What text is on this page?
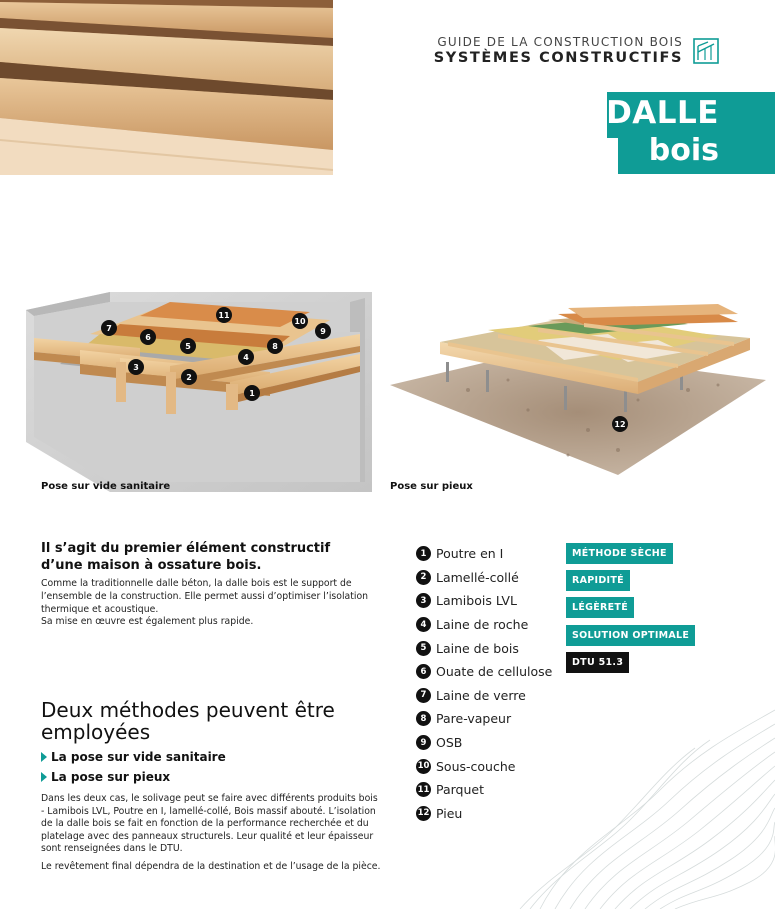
GUIDE DE LA CONSTRUCTION BOIS
SYSTÈMES CONSTRUCTIFS
DALLE
bois
1
2
3
4
5
6
7
8
9
10
11
Pose sur vide sanitaire
12
Pose sur pieux
Il s’agit du premier élément constructif d’une maison à ossature bois.

Comme la traditionnelle dalle béton, la dalle bois est le support de l’ensemble de la construction. Elle permet aussi d’optimiser l’isolation thermique et acoustique.

Sa mise en œuvre est également plus rapide.

Deux méthodes peuvent être employées
La pose sur vide sanitaire
La pose sur pieux

Dans les deux cas, le solivage peut se faire avec différents produits bois - Lamibois LVL, Poutre en I, lamellé-collé, Bois massif abouté. L’isolation de la dalle bois se fait en fonction de la performance recherchée et du platelage avec des panneaux structurels. Leur qualité et leur épaisseur sont renseignées dans le DTU.

Le revêtement final dépendra de la destination et de l’usage de la pièce.

1 Poutre en I
2 Lamellé-collé
3 Lamibois LVL
4 Laine de roche
5 Laine de bois
6 Ouate de cellulose
7 Laine de verre
8 Pare-vapeur
9 OSB
10 Sous-couche
11 Parquet
12 Pieu
MÉTHODE SÈCHE
RAPIDITÉ
LÉGÈRETÉ
SOLUTION OPTIMALE
DTU 51.3
